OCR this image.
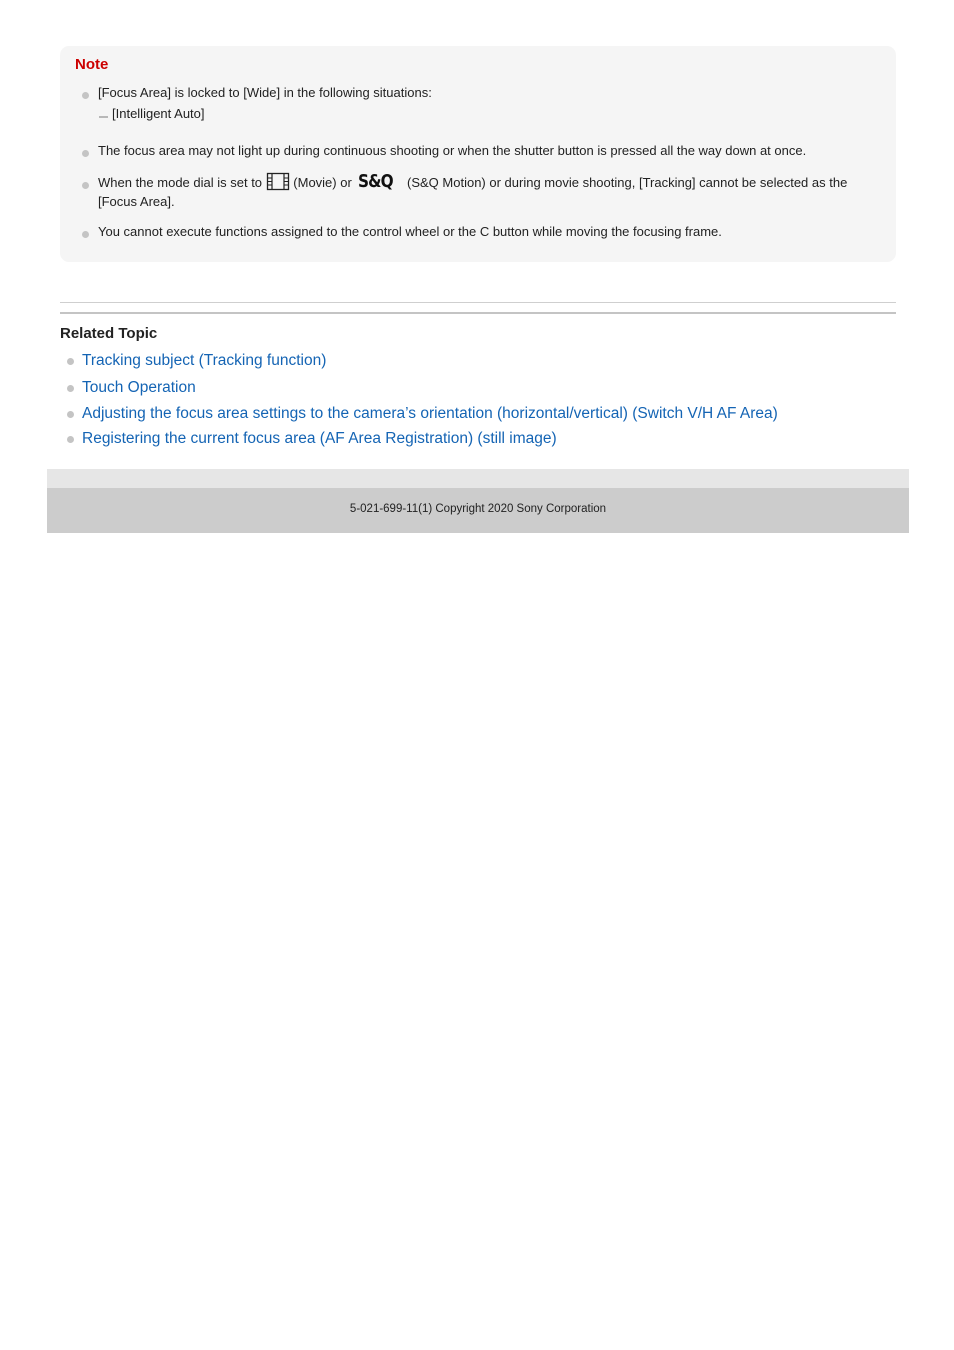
Note
[Focus Area] is locked to [Wide] in the following situations:
[Intelligent Auto]
The focus area may not light up during continuous shooting or when the shutter button is pressed all the way down at once.
When the mode dial is set to (Movie) or S&Q (S&Q Motion) or during movie shooting, [Tracking] cannot be selected as the [Focus Area].
You cannot execute functions assigned to the control wheel or the C button while moving the focusing frame.
Related Topic
Tracking subject (Tracking function)
Touch Operation
Adjusting the focus area settings to the camera’s orientation (horizontal/vertical) (Switch V/H AF Area)
Registering the current focus area (AF Area Registration) (still image)
5-021-699-11(1) Copyright 2020 Sony Corporation
